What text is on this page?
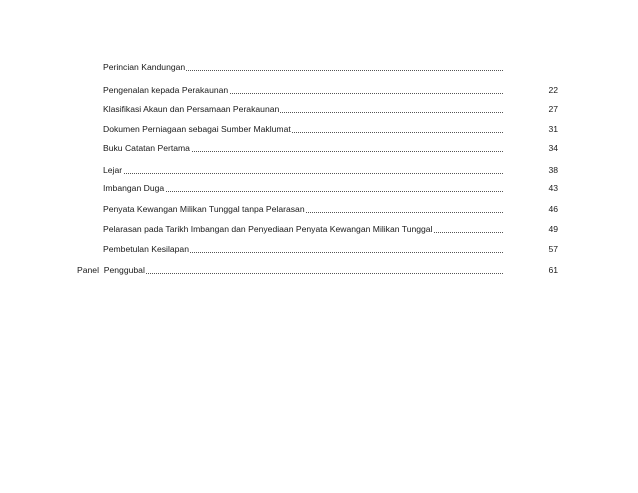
Perincian Kandungan
Pengenalan kepada Perakaunan	22
Klasifikasi Akaun dan Persamaan Perakaunan	27
Dokumen Perniagaan sebagai Sumber Maklumat	31
Buku Catatan Pertama	34
Lejar	38
Imbangan Duga	43
Penyata Kewangan Milikan Tunggal tanpa Pelarasan	46
Pelarasan pada Tarikh Imbangan dan Penyediaan Penyata Kewangan Milikan Tunggal	49
Pembetulan Kesilapan	57
Panel  Penggubal	61
